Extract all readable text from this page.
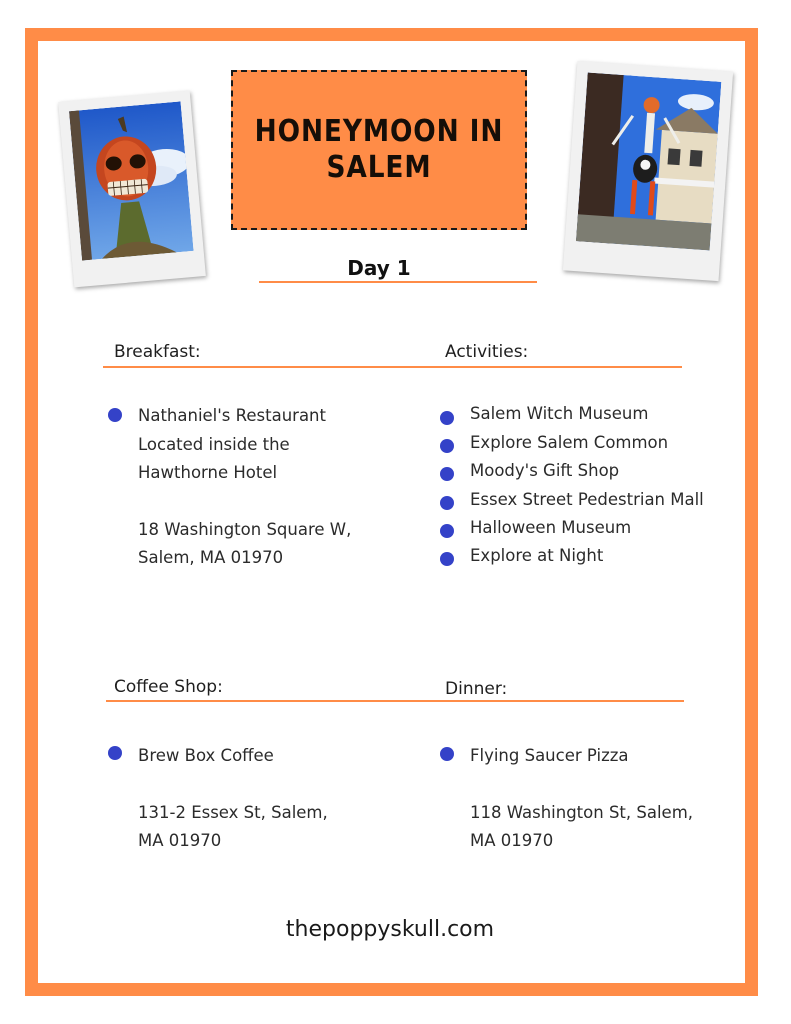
HONEYMOON IN SALEM
Day 1
Breakfast:
Nathaniel's Restaurant
Located inside the
Hawthorne Hotel
18 Washington Square W,
Salem, MA 01970
Activities:
Salem Witch Museum
Explore Salem Common
Moody's Gift Shop
Essex Street Pedestrian Mall
Halloween Museum
Explore at Night
Coffee Shop:
Brew Box Coffee
131-2 Essex St, Salem,
MA 01970
Dinner:
Flying Saucer Pizza
118 Washington St, Salem,
MA 01970
thepoppyskull.com
